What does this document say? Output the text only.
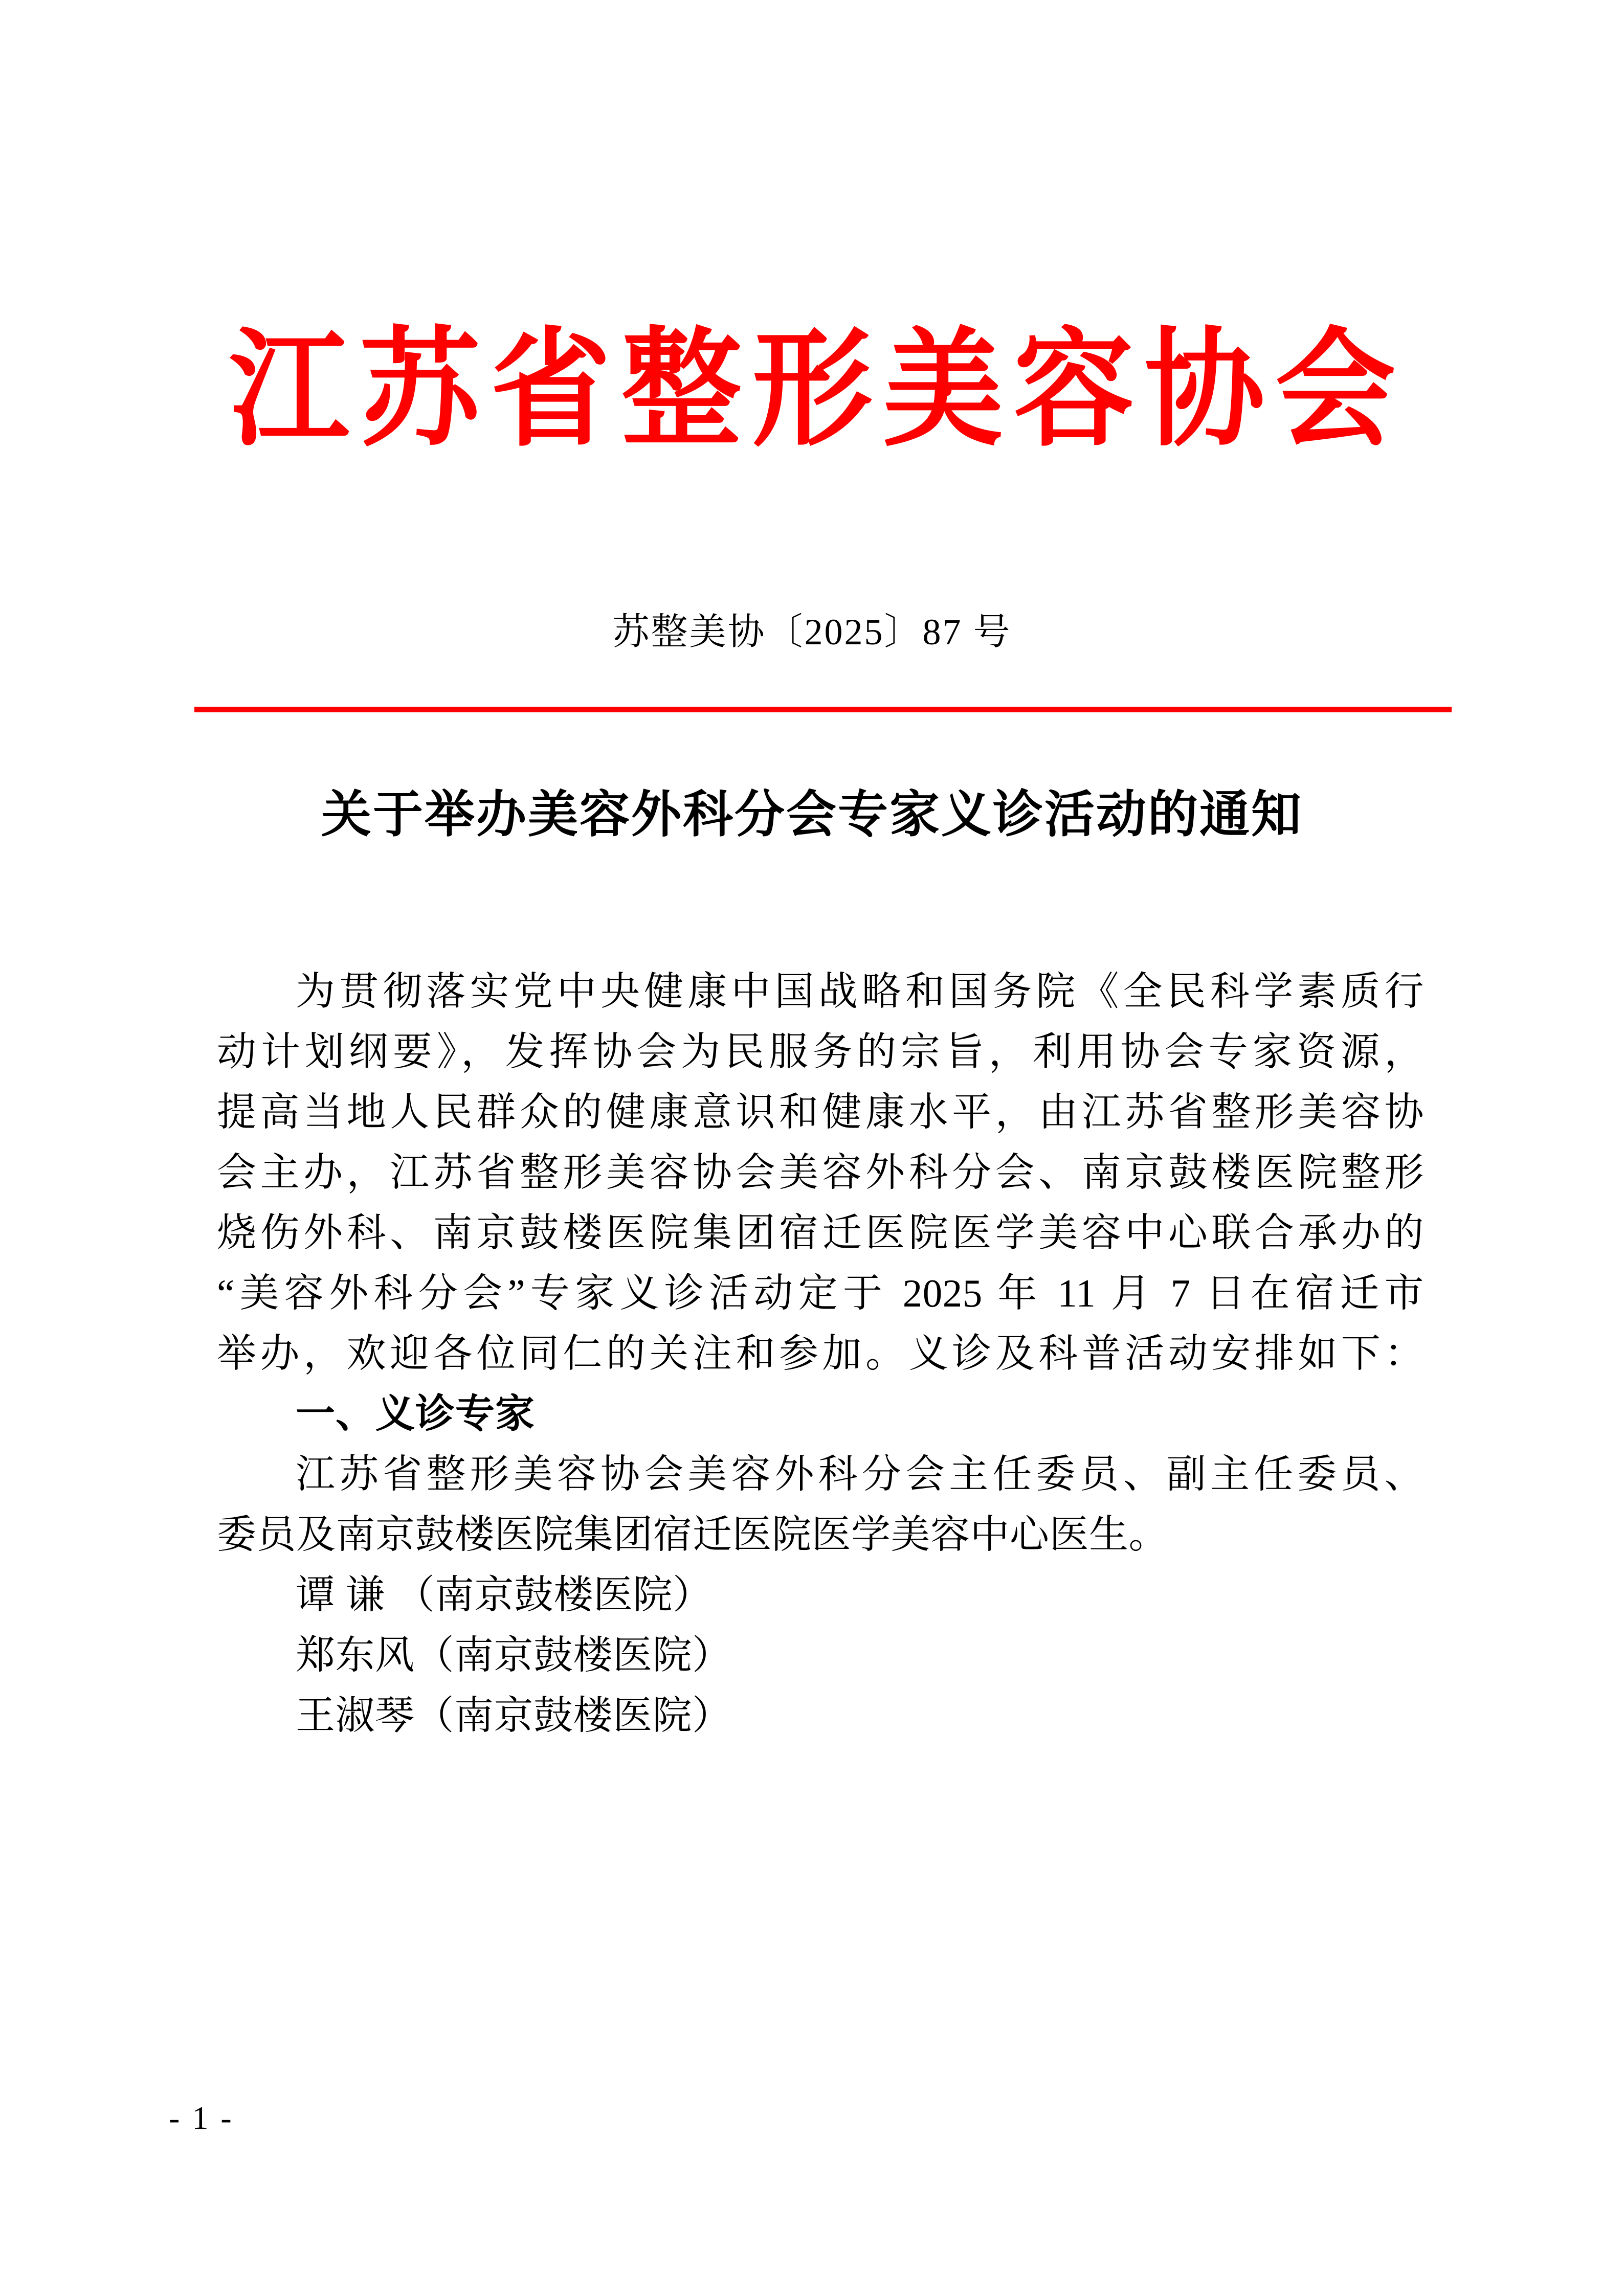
江苏省整形美容协会
苏整美协〔2025〕87 号
关于举办美容外科分会专家义诊活动的通知
为贯彻落实党中央健康中国战略和国务院《全民科学素质行
动计划纲要》，发挥协会为民服务的宗旨，利用协会专家资源，
提高当地人民群众的健康意识和健康水平，由江苏省整形美容协
会主办，江苏省整形美容协会美容外科分会、南京鼓楼医院整形
烧伤外科、南京鼓楼医院集团宿迁医院医学美容中心联合承办的
“美容外科分会”专家义诊活动定于 2025 年 11 月 7 日在宿迁市
举办，欢迎各位同仁的关注和参加。义诊及科普活动安排如下：
一、义诊专家
江苏省整形美容协会美容外科分会主任委员、副主任委员、
委员及南京鼓楼医院集团宿迁医院医学美容中心医生。
谭 谦 （南京鼓楼医院）
郑东风（南京鼓楼医院）
王淑琴（南京鼓楼医院）
- 1 -
